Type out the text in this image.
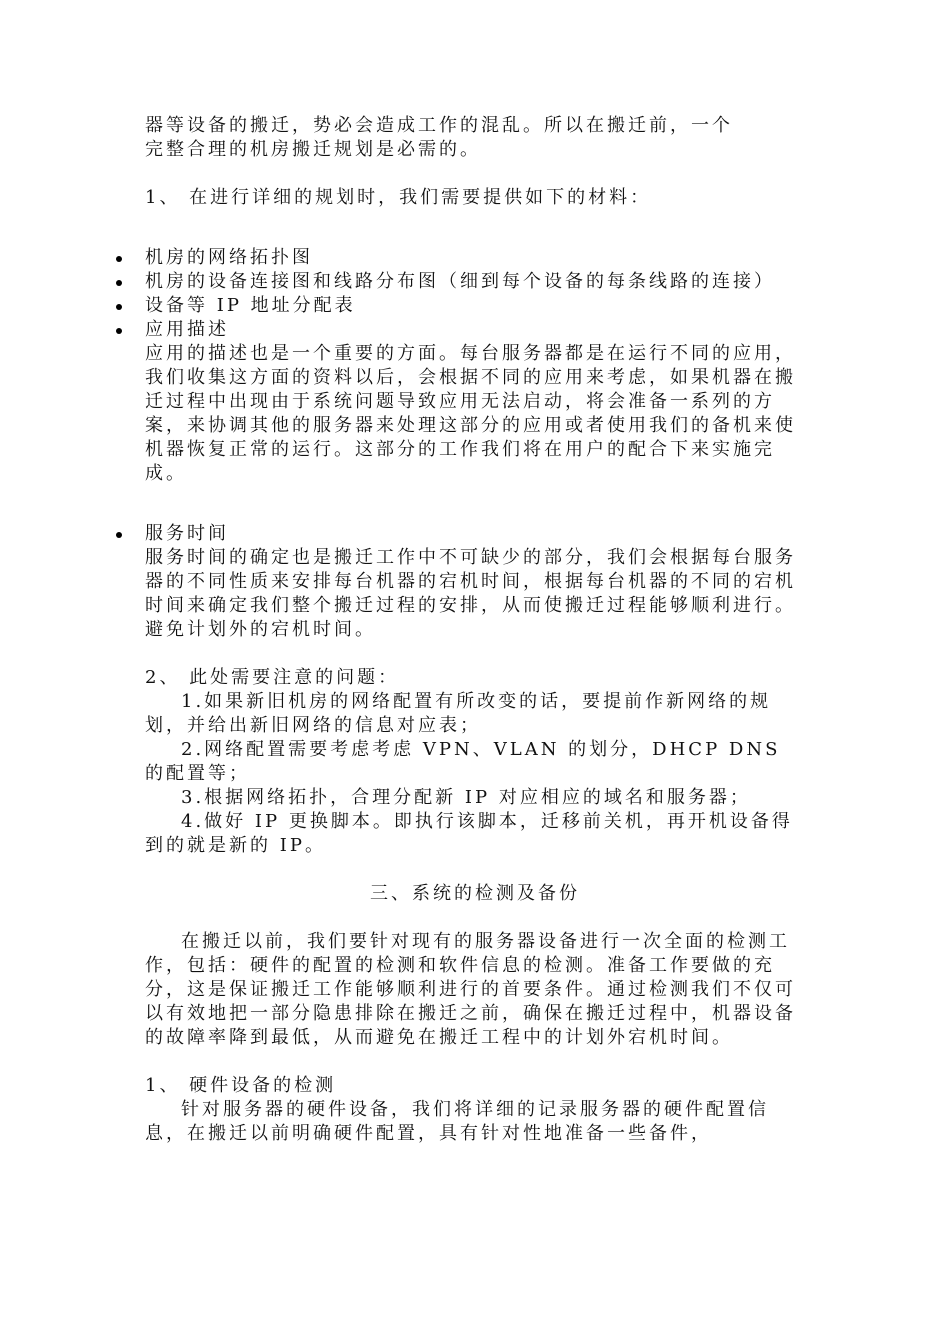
器等设备的搬迁，势必会造成工作的混乱。所以在搬迁前，一个

完整合理的机房搬迁规划是必需的。

1、 在进行详细的规划时，我们需要提供如下的材料：

机房的网络拓扑图

机房的设备连接图和线路分布图（细到每个设备的每条线路的连接）

设备等 IP 地址分配表

应用描述

应用的描述也是一个重要的方面。每台服务器都是在运行不同的应用，我们收集这方面的资料以后，会根据不同的应用来考虑，如果机器在搬迁过程中出现由于系统问题导致应用无法启动，将会准备一系列的方案，来协调其他的服务器来处理这部分的应用或者使用我们的备机来使机器恢复正常的运行。这部分的工作我们将在用户的配合下来实施完成。

服务时间

服务时间的确定也是搬迁工作中不可缺少的部分，我们会根据每台服务器的不同性质来安排每台机器的宕机时间，根据每台机器的不同的宕机时间来确定我们整个搬迁过程的安排，从而使搬迁过程能够顺利进行。避免计划外的宕机时间。

2、 此处需要注意的问题：

1.如果新旧机房的网络配置有所改变的话，要提前作新网络的规划，并给出新旧网络的信息对应表；

2.网络配置需要考虑考虑 VPN、VLAN 的划分，DHCP DNS 的配置等；

3.根据网络拓扑，合理分配新 IP 对应相应的域名和服务器；

4.做好 IP 更换脚本。即执行该脚本，迁移前关机，再开机设备得到的就是新的 IP。

三、系统的检测及备份

在搬迁以前，我们要针对现有的服务器设备进行一次全面的检测工作，包括：硬件的配置的检测和软件信息的检测。准备工作要做的充分，这是保证搬迁工作能够顺利进行的首要条件。通过检测我们不仅可以有效地把一部分隐患排除在搬迁之前，确保在搬迁过程中，机器设备的故障率降到最低，从而避免在搬迁工程中的计划外宕机时间。

1、 硬件设备的检测

针对服务器的硬件设备，我们将详细的记录服务器的硬件配置信息，在搬迁以前明确硬件配置，具有针对性地准备一些备件，
